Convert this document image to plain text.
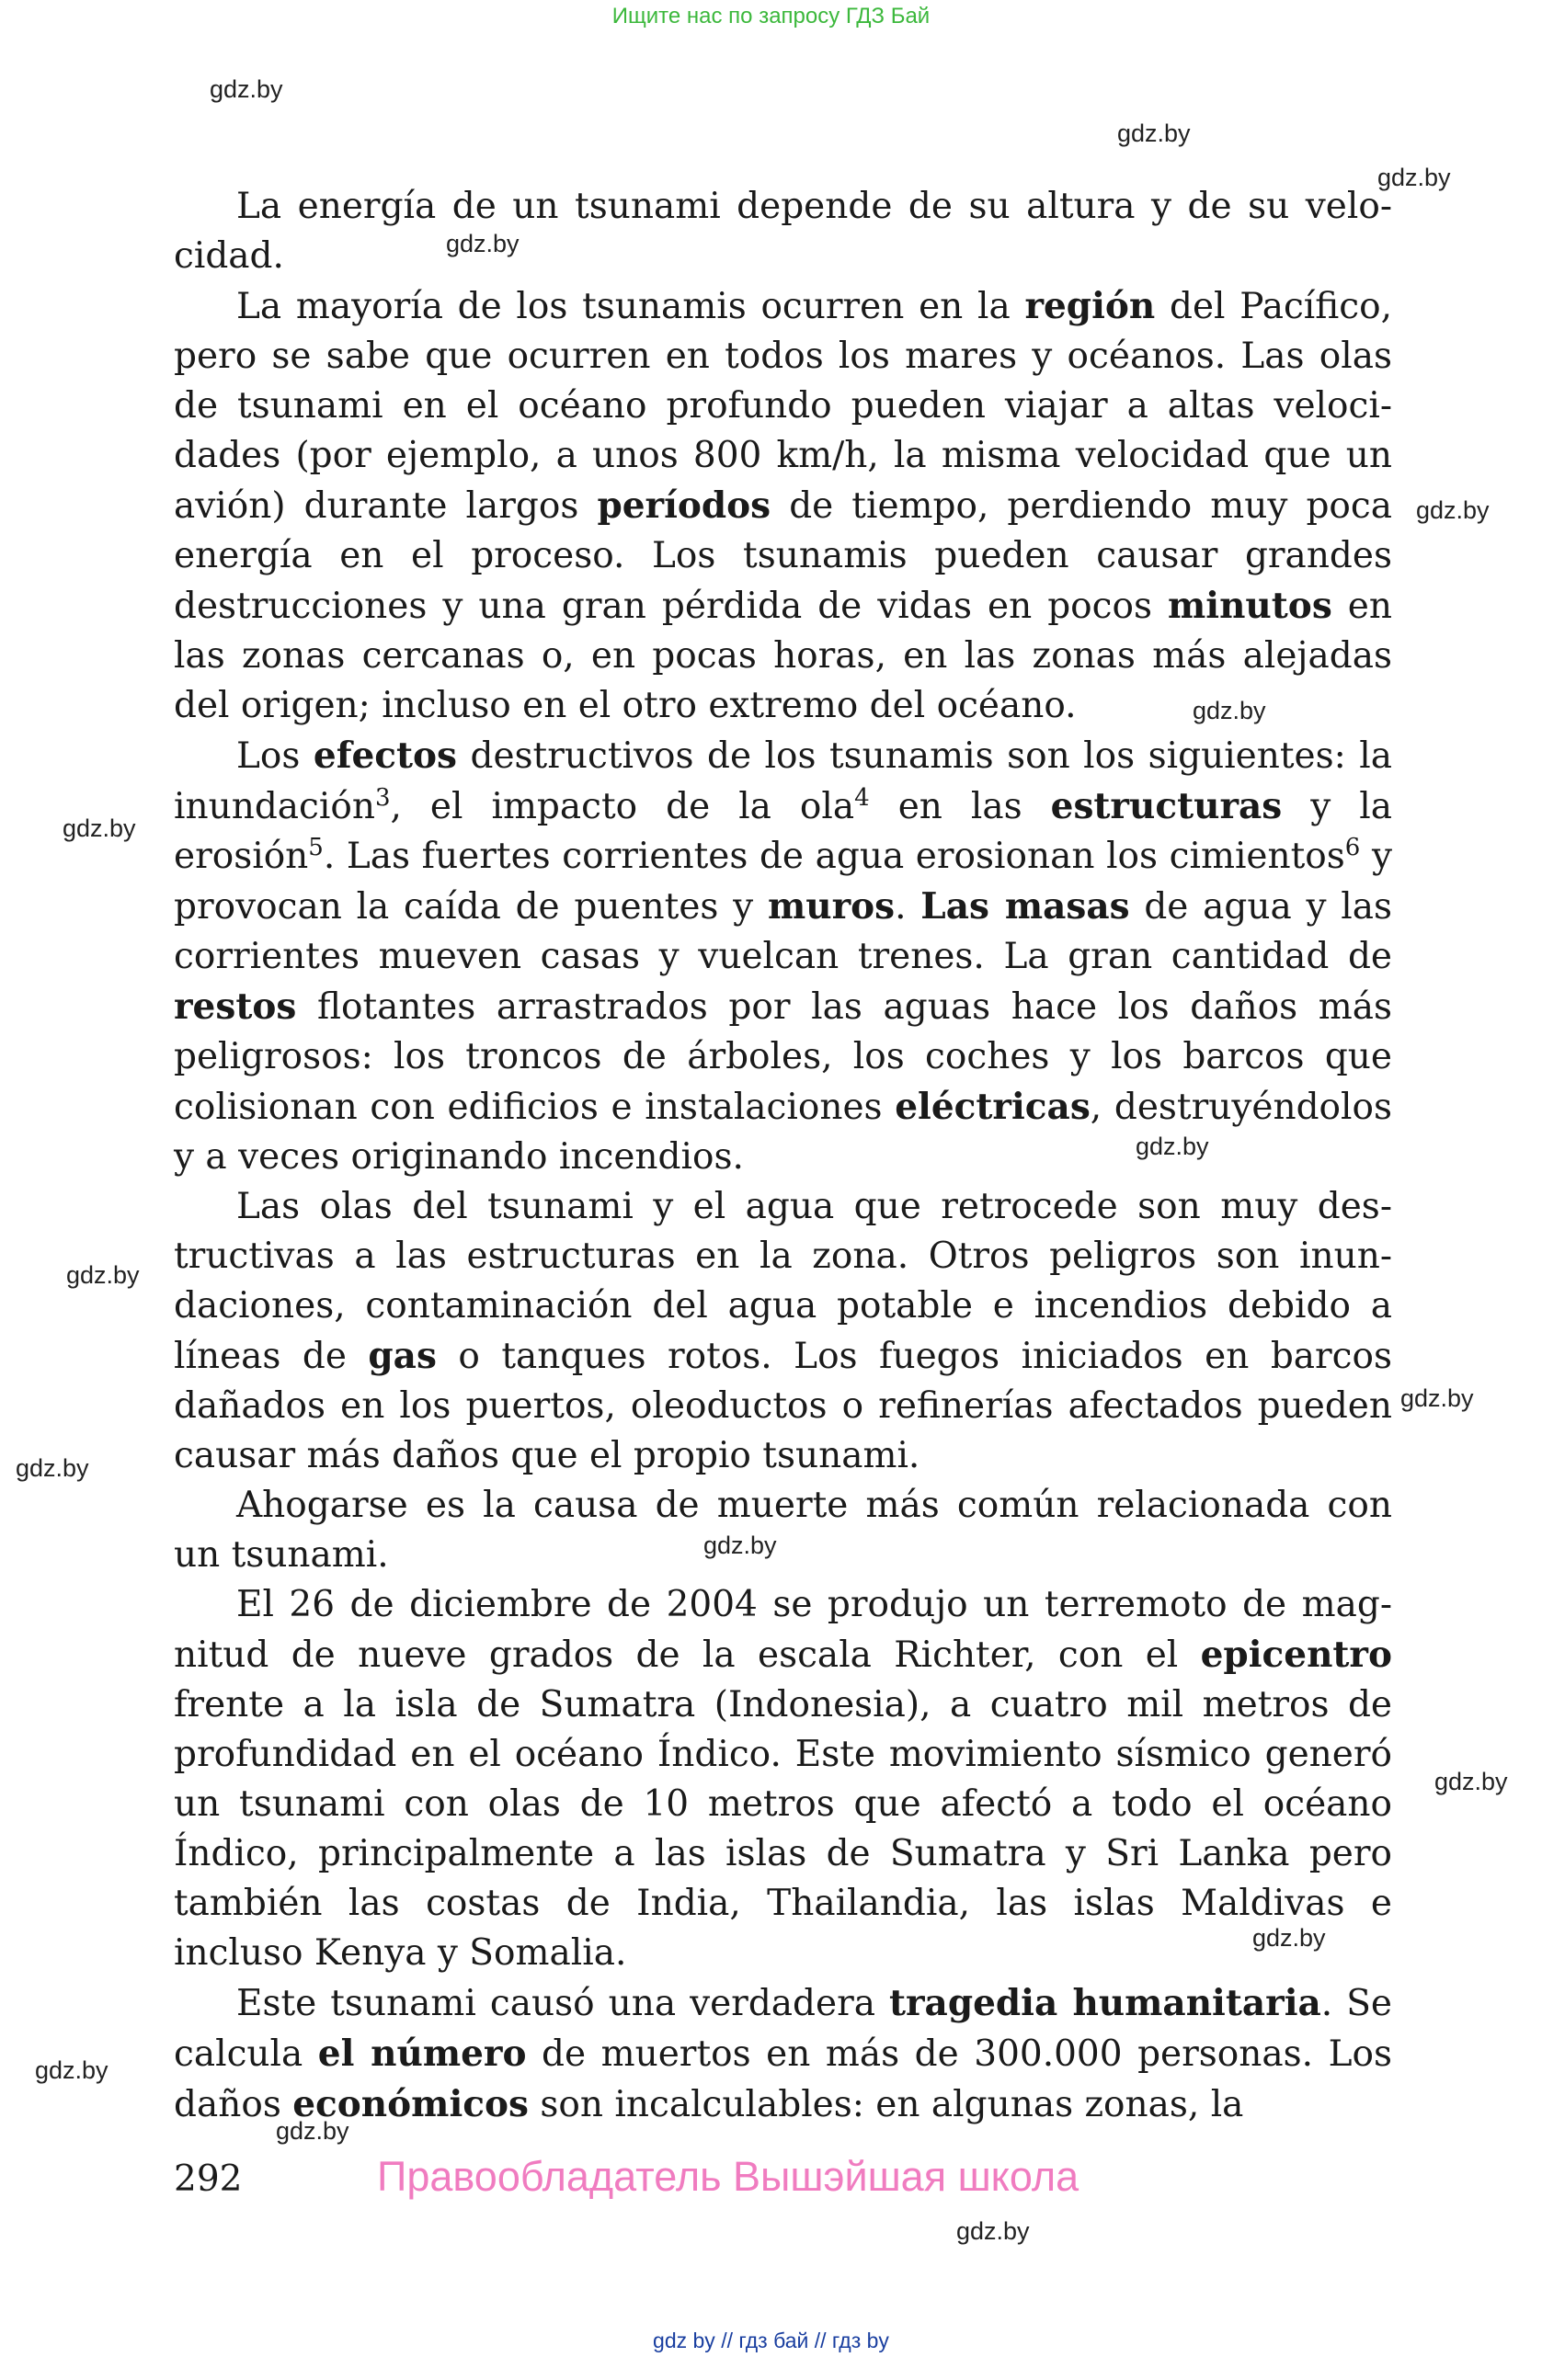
Ищите нас по запросу ГДЗ Бай
gdz.by
gdz.by
gdz.by
gdz.by
gdz.by
gdz.by
gdz.by
gdz.by
gdz.by
gdz.by
gdz.by
gdz.by
gdz.by
gdz.by
gdz.by
gdz.by
gdz.by

La energía de un tsunami depende de su altura y de su velocidad.

La mayoría de los tsunamis ocurren en la región del Pacífico, pero se sabe que ocurren en todos los mares y océanos. Las olas de tsunami en el océano profundo pueden viajar a altas velocidades (por ejemplo, a unos 800 km/h, la misma velocidad que un avión) durante largos períodos de tiempo, perdiendo muy poca energía en el proceso. Los tsunamis pueden causar grandes destrucciones y una gran pérdida de vidas en pocos minutos en las zonas cercanas o, en pocas horas, en las zonas más alejadas del origen; incluso en el otro extremo del océano.

Los efectos destructivos de los tsunamis son los siguientes: la inundación$^3$, el impacto de la ola$^4$ en las estructuras y la erosión$^5$. Las fuertes corrientes de agua erosionan los cimientos$^6$ y provocan la caída de puentes y muros. Las masas de agua y las corrientes mueven casas y vuelcan trenes. La gran cantidad de restos flotantes arrastrados por las aguas hace los daños más peligrosos: los troncos de árboles, los coches y los barcos que colisionan con edificios e instalaciones eléctricas, destruyéndolos y a veces originando incendios.

Las olas del tsunami y el agua que retrocede son muy destructivas a las estructuras en la zona. Otros peligros son inundaciones, contaminación del agua potable e incendios debido a líneas de gas o tanques rotos. Los fuegos iniciados en barcos dañados en los puertos, oleoductos o refinerías afectados pueden causar más daños que el propio tsunami.

Ahogarse es la causa de muerte más común relacionada con un tsunami.

El 26 de diciembre de 2004 se produjo un terremoto de magnitud de nueve grados de la escala Richter, con el epicentro frente a la isla de Sumatra (Indonesia), a cuatro mil metros de profundidad en el océano Índico. Este movimiento sísmico generó un tsunami con olas de 10 metros que afectó a todo el océano Índico, principalmente a las islas de Sumatra y Sri Lanka pero también las costas de India, Thailandia, las islas Maldivas e incluso Kenya y Somalia.

Este tsunami causó una verdadera tragedia humanitaria. Se calcula el número de muertos en más de 300.000 personas. Los daños económicos son incalculables: en algunas zonas, la

292	Правообладатель Вышэйшая школа
gdz by // гдз бай // гдз by
